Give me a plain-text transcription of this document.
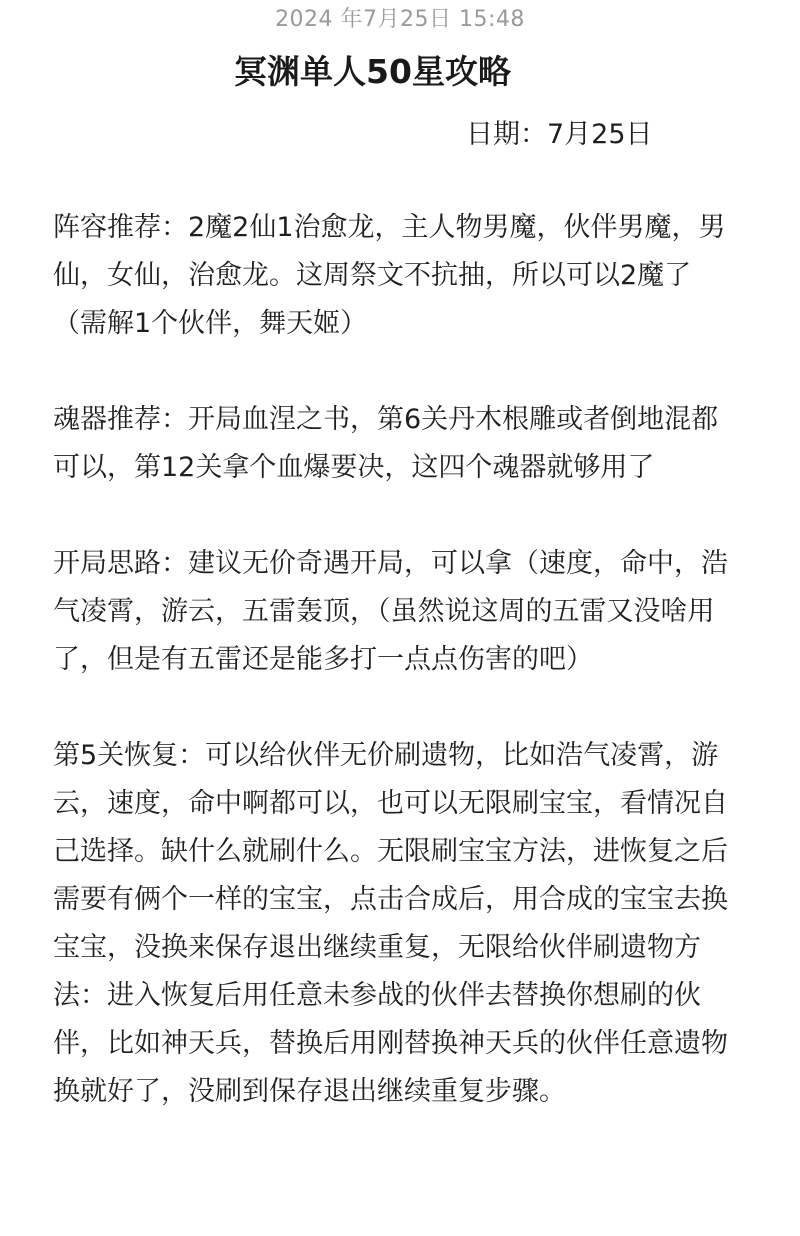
2024 年7月25日 15:48
冥渊单人50星攻略
日期：7月25日

阵容推荐：2魔2仙1治愈龙，主人物男魔，伙伴男魔，男仙，女仙，治愈龙。这周祭文不抗抽，所以可以2魔了（需解1个伙伴，舞天姬）

魂器推荐：开局血涅之书，第6关丹木根雕或者倒地混都可以，第12关拿个血爆要决，这四个魂器就够用了

开局思路：建议无价奇遇开局，可以拿（速度，命中，浩气凌霄，游云，五雷轰顶，（虽然说这周的五雷又没啥用了，但是有五雷还是能多打一点点伤害的吧）

第5关恢复：可以给伙伴无价刷遗物，比如浩气凌霄，游云，速度，命中啊都可以，也可以无限刷宝宝，看情况自己选择。缺什么就刷什么。无限刷宝宝方法，进恢复之后需要有俩个一样的宝宝，点击合成后，用合成的宝宝去换宝宝，没换来保存退出继续重复，无限给伙伴刷遗物方法：进入恢复后用任意未参战的伙伴去替换你想刷的伙伴，比如神天兵，替换后用刚替换神天兵的伙伴任意遗物换就好了，没刷到保存退出继续重复步骤。
